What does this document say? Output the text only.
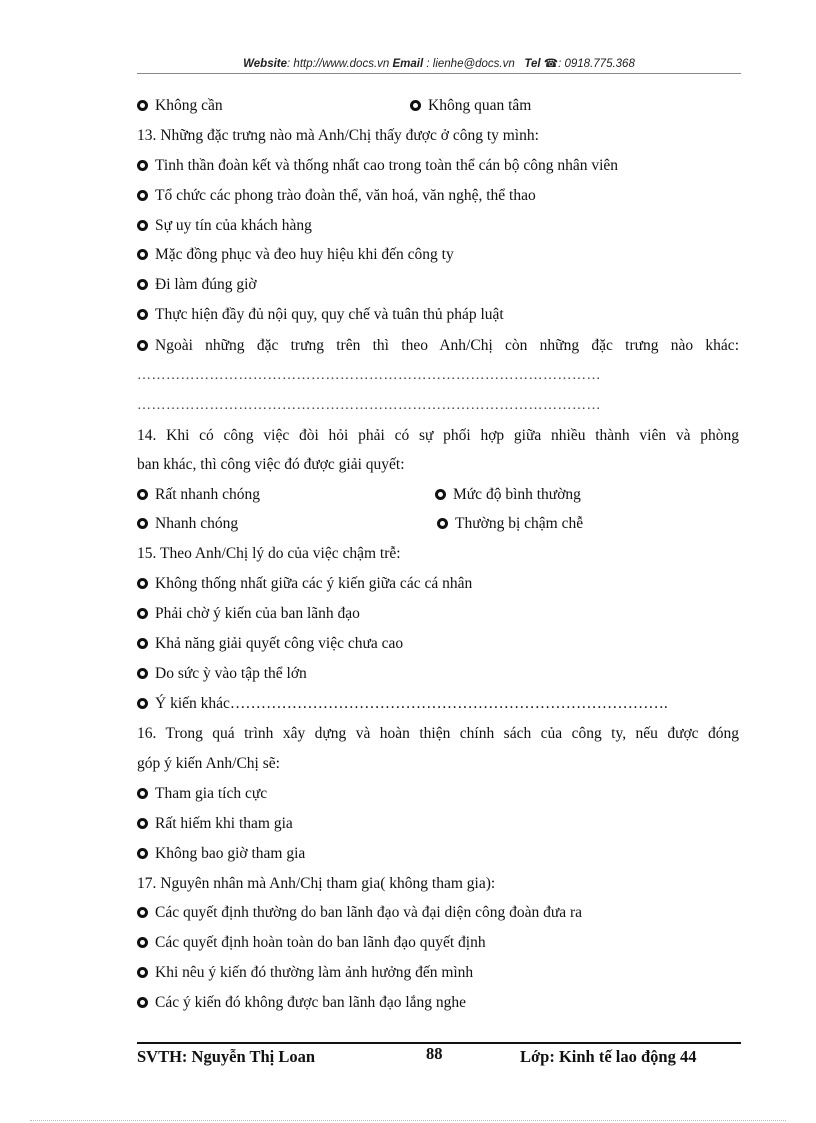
Website: http://www.docs.vn Email : lienhe@docs.vn Tel ☎: 0918.775.368
Không cần	Không quan tâm
13. Những đặc trưng nào mà Anh/Chị thấy được ở công ty mình:
Tinh thần đoàn kết và thống nhất cao trong toàn thể cán bộ công nhân viên
Tổ chức các phong trào đoàn thể, văn hoá, văn nghệ, thể thao
Sự uy tín của khách hàng
Mặc đồng phục và đeo huy hiệu khi đến công ty
Đi làm đúng giờ
Thực hiện đầy đủ nội quy, quy chế và tuân thủ pháp luật
Ngoài những đặc trưng trên thì theo Anh/Chị còn những đặc trưng nào khác:
……………………………………………………………………………………
……………………………………………………………………………………
14. Khi có công việc đòi hỏi phải có sự phối hợp giữa nhiều thành viên và phòng
ban khác, thì công việc đó được giải quyết:
Rất nhanh chóng	Mức độ bình thường
Nhanh chóng	Thường bị chậm chễ
15. Theo Anh/Chị lý do của việc chậm trễ:
Không thống nhất giữa các ý kiến giữa các cá nhân
Phải chờ ý kiến của ban lãnh đạo
Khả năng giải quyết công việc chưa cao
Do sức ỳ vào tập thể lớn
Ý kiến khác………………………………………………………………………….
16. Trong quá trình xây dựng và hoàn thiện chính sách của công ty, nếu được đóng
góp ý kiến Anh/Chị sẽ:
Tham gia tích cực
Rất hiếm khi tham gia
Không bao giờ tham gia
17. Nguyên nhân mà Anh/Chị tham gia( không tham gia):
Các quyết định thường do ban lãnh đạo và đại diện công đoàn đưa ra
Các quyết định hoàn toàn do ban lãnh đạo quyết định
Khi nêu ý kiến đó thường làm ảnh hưởng đến mình
Các ý kiến đó không được ban lãnh đạo lắng nghe
SVTH: Nguyễn Thị Loan	88	Lớp: Kinh tế lao động 44
